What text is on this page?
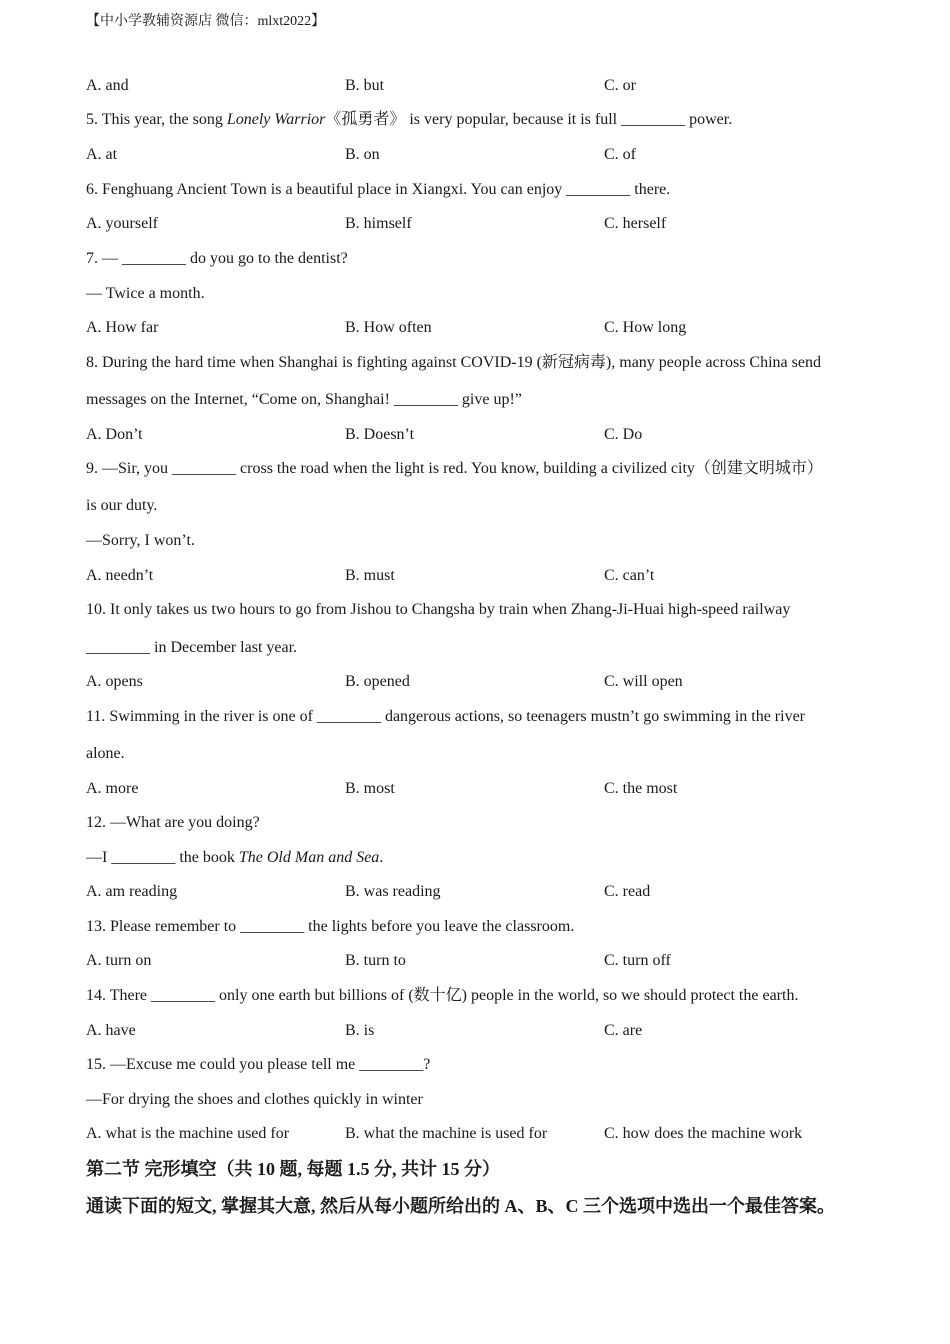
【中小学教辅资源店 微信：mlxt2022】
A. and	B. but	C. or
5. This year, the song Lonely Warrior《孤勇者》 is very popular, because it is full ________ power.
A. at	B. on	C. of
6. Fenghuang Ancient Town is a beautiful place in Xiangxi. You can enjoy ________ there.
A. yourself	B. himself	C. herself
7. — ________ do you go to the dentist?
— Twice a month.
A. How far	B. How often	C. How long
8. During the hard time when Shanghai is fighting against COVID-19 (新冠病毒), many people across China send
messages on the Internet, “Come on, Shanghai! ________ give up!”
A. Don’t	B. Doesn’t	C. Do
9. —Sir, you ________ cross the road when the light is red. You know, building a civilized city（创建文明城市）
is our duty.
—Sorry, I won’t.
A. needn’t	B. must	C. can’t
10. It only takes us two hours to go from Jishou to Changsha by train when Zhang-Ji-Huai high-speed railway
________ in December last year.
A. opens	B. opened	C. will open
11. Swimming in the river is one of ________ dangerous actions, so teenagers mustn’t go swimming in the river
alone.
A. more	B. most	C. the most
12. —What are you doing?
—I ________ the book The Old Man and Sea.
A. am reading	B. was reading	C. read
13. Please remember to ________ the lights before you leave the classroom.
A. turn on	B. turn to	C. turn off
14. There ________ only one earth but billions of (数十亿) people in the world, so we should protect the earth.
A. have	B. is	C. are
15. —Excuse me could you please tell me ________?
—For drying the shoes and clothes quickly in winter
A. what is the machine used for	B. what the machine is used for	C. how does the machine work
第二节 完形填空（共 10 题, 每题 1.5 分, 共计 15 分）
通读下面的短文, 掌握其大意, 然后从每小题所给出的 A、B、C 三个选项中选出一个最佳答案。
